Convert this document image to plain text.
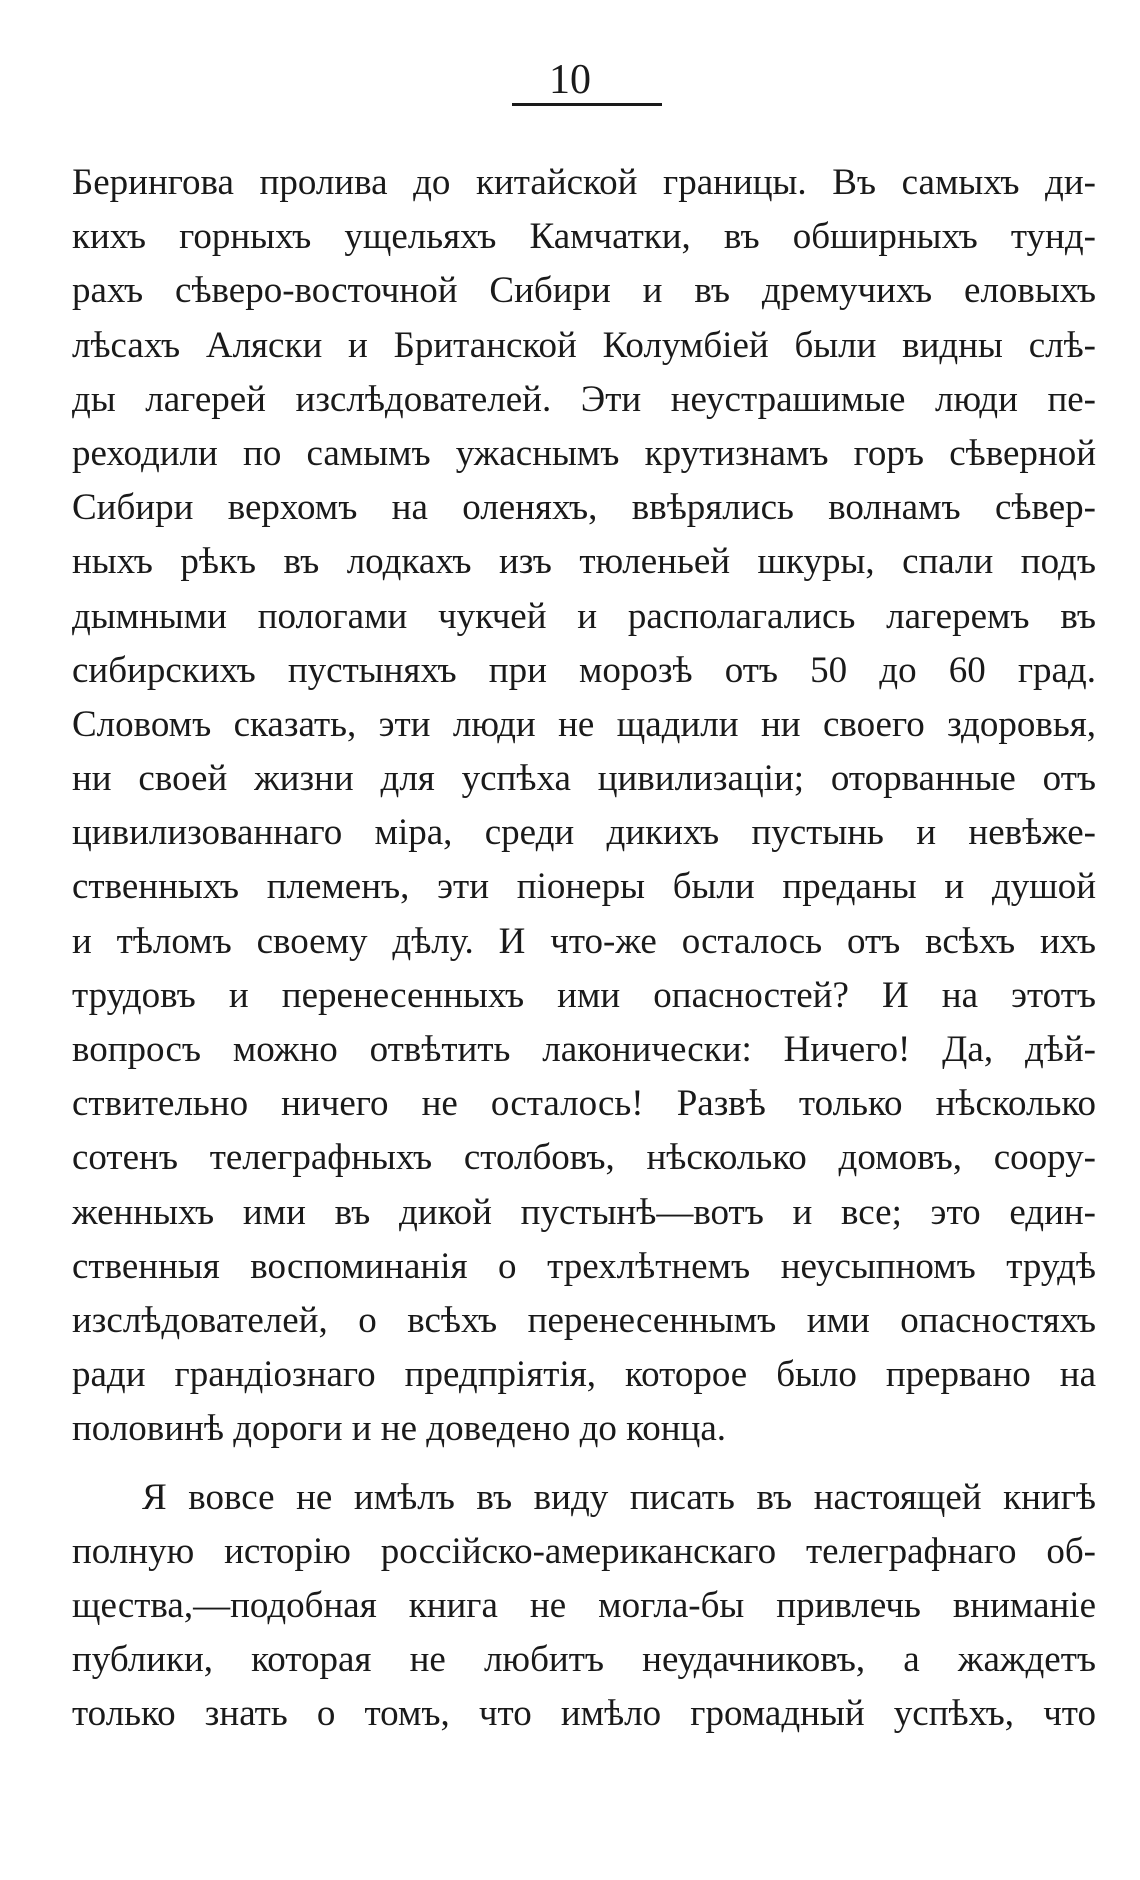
10
Берингова пролива до китайской границы. Въ самыхъ ди-
кихъ горныхъ ущельяхъ Камчатки, въ обширныхъ тунд-
рахъ сѣверо-восточной Сибири и въ дремучихъ еловыхъ
лѣсахъ Аляски и Британской Колумбіей были видны слѣ-
ды лагерей изслѣдователей. Эти неустрашимые люди пе-
реходили по самымъ ужаснымъ крутизнамъ горъ сѣверной
Сибири верхомъ на оленяхъ, ввѣрялись волнамъ сѣвер-
ныхъ рѣкъ въ лодкахъ изъ тюленьей шкуры, спали подъ
дымными пологами чукчей и располагались лагеремъ въ
сибирскихъ пустыняхъ при морозѣ отъ 50 до 60 град.
Словомъ сказать, эти люди не щадили ни своего здоровья,
ни своей жизни для успѣха цивилизаціи; оторванные отъ
цивилизованнаго міра, среди дикихъ пустынь и невѣже-
ственныхъ племенъ, эти піонеры были преданы и душой
и тѣломъ своему дѣлу. И что-же осталось отъ всѣхъ ихъ
трудовъ и перенесенныхъ ими опасностей? И на этотъ
вопросъ можно отвѣтить лаконически: Ничего! Да, дѣй-
ствительно ничего не осталось! Развѣ только нѣсколько
сотенъ телеграфныхъ столбовъ, нѣсколько домовъ, соору-
женныхъ ими въ дикой пустынѣ—вотъ и все; это един-
ственныя воспоминанія о трехлѣтнемъ неусыпномъ трудѣ
изслѣдователей, о всѣхъ перенесеннымъ ими опасностяхъ
ради грандіознаго предпріятія, которое было прервано на
половинѣ дороги и не доведено до конца.
Я вовсе не имѣлъ въ виду писать въ настоящей книгѣ
полную исторію россійско-американскаго телеграфнаго об-
щества,—подобная книга не могла-бы привлечь вниманіе
публики, которая не любитъ неудачниковъ, а жаждетъ
только знать о томъ, что имѣло громадный успѣхъ, что
